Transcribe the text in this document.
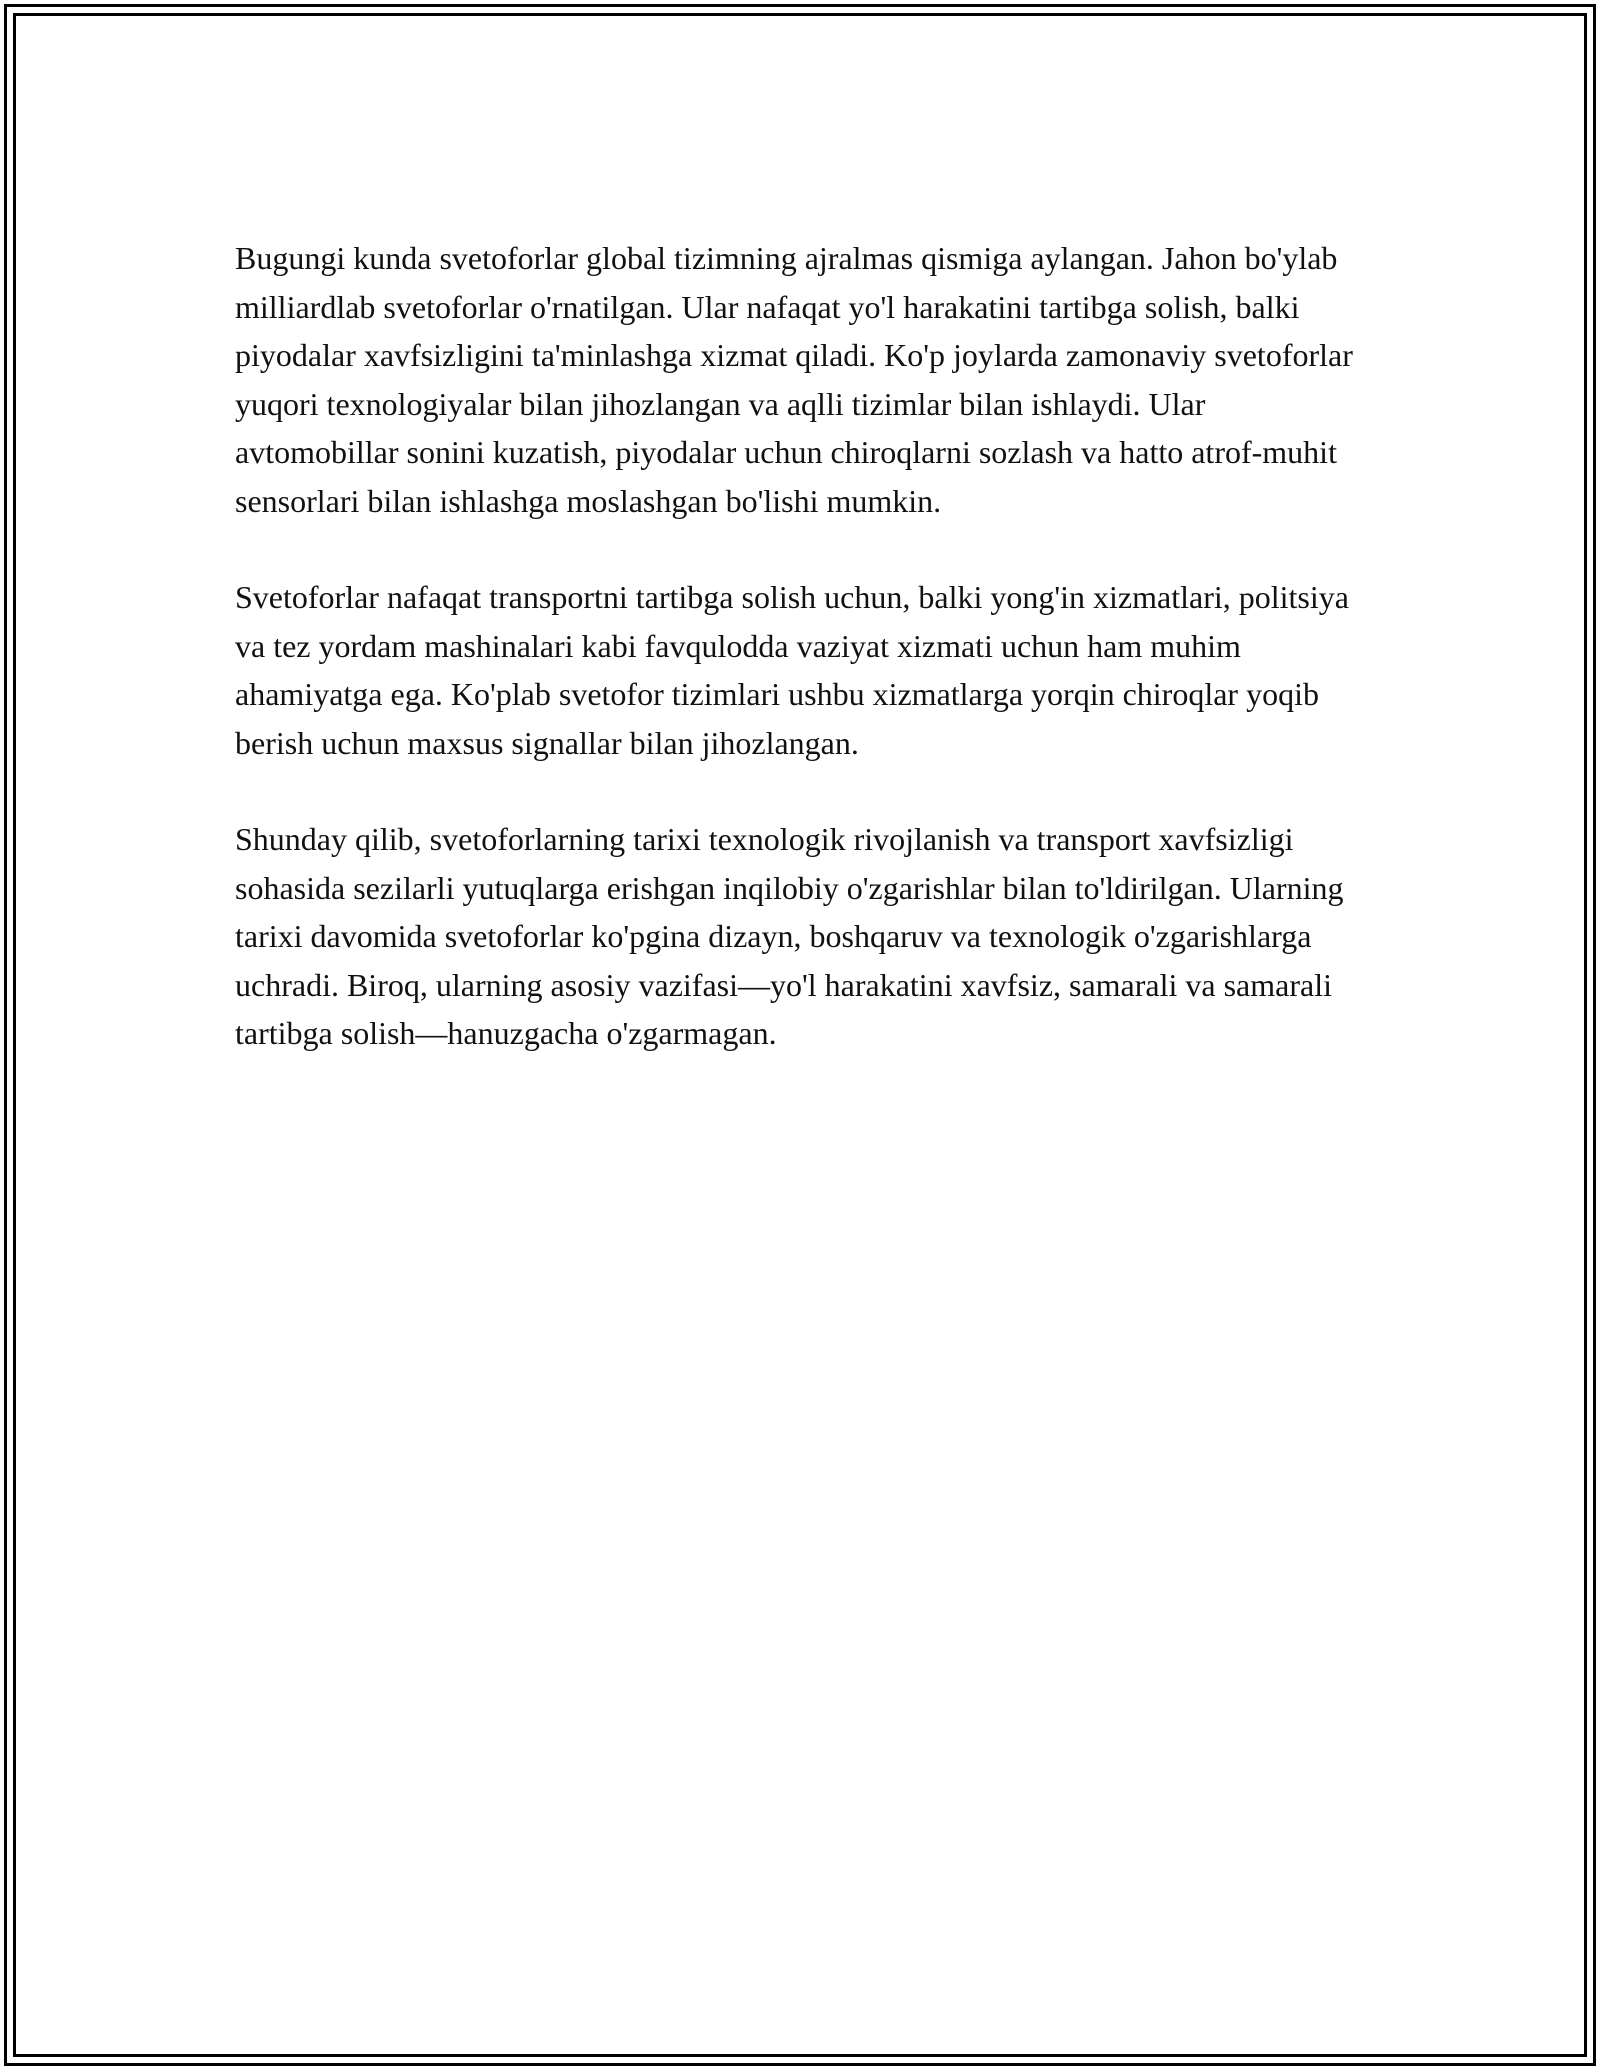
Bugungi kunda svetoforlar global tizimning ajralmas qismiga aylangan. Jahon bo'ylab milliardlab svetoforlar o'rnatilgan. Ular nafaqat yo'l harakatini tartibga solish, balki piyodalar xavfsizligini ta'minlashga xizmat qiladi. Ko'p joylarda zamonaviy svetoforlar yuqori texnologiyalar bilan jihozlangan va aqlli tizimlar bilan ishlaydi. Ular avtomobillar sonini kuzatish, piyodalar uchun chiroqlarni sozlash va hatto atrof-muhit sensorlari bilan ishlashga moslashgan bo'lishi mumkin.

Svetoforlar nafaqat transportni tartibga solish uchun, balki yong'in xizmatlari, politsiya va tez yordam mashinalari kabi favqulodda vaziyat xizmati uchun ham muhim ahamiyatga ega. Ko'plab svetofor tizimlari ushbu xizmatlarga yorqin chiroqlar yoqib berish uchun maxsus signallar bilan jihozlangan.

Shunday qilib, svetoforlarning tarixi texnologik rivojlanish va transport xavfsizligi sohasida sezilarli yutuqlarga erishgan inqilobiy o'zgarishlar bilan to'ldirilgan. Ularning tarixi davomida svetoforlar ko'pgina dizayn, boshqaruv va texnologik o'zgarishlarga uchradi. Biroq, ularning asosiy vazifasi—yo'l harakatini xavfsiz, samarali va samarali tartibga solish—hanuzgacha o'zgarmagan.
